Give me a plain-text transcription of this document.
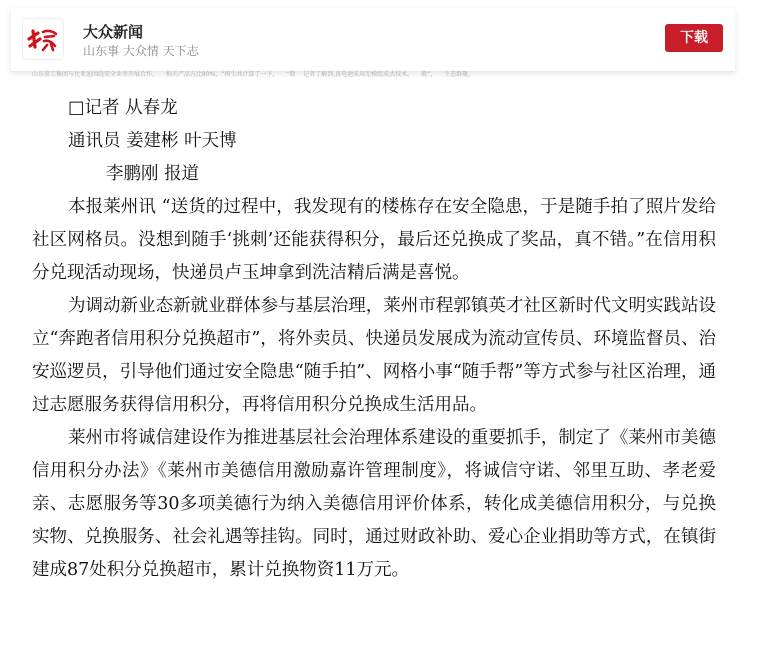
大众新闻
山东事 大众情 天下志
下载
山东重工集团与比亚迪围绕安全业务开展合作， 相关产品占比80%，“再生共计算了一下， “数 记者了解到,该电池采用无模组成式技术。 般”， 生态群聚。

□记者 从春龙

通讯员 姜建彬 叶天博

李鹏刚 报道

本报莱州讯 “送货的过程中，我发现有的楼栋存在安全隐患，于是随手拍了照片发给社区网格员。没想到随手‘挑刺’还能获得积分，最后还兑换成了奖品，真不错。”在信用积分兑现活动现场，快递员卢玉坤拿到洗洁精后满是喜悦。

为调动新业态新就业群体参与基层治理，莱州市程郭镇英才社区新时代文明实践站设立“奔跑者信用积分兑换超市”，将外卖员、快递员发展成为流动宣传员、环境监督员、治安巡逻员，引导他们通过安全隐患“随手拍”、网格小事“随手帮”等方式参与社区治理，通过志愿服务获得信用积分，再将信用积分兑换成生活用品。

莱州市将诚信建设作为推进基层社会治理体系建设的重要抓手，制定了《莱州市美德信用积分办法》《莱州市美德信用激励嘉许管理制度》，将诚信守诺、邻里互助、孝老爱亲、志愿服务等30多项美德行为纳入美德信用评价体系，转化成美德信用积分，与兑换实物、兑换服务、社会礼遇等挂钩。同时，通过财政补助、爱心企业捐助等方式，在镇街建成87处积分兑换超市，累计兑换物资11万元。
